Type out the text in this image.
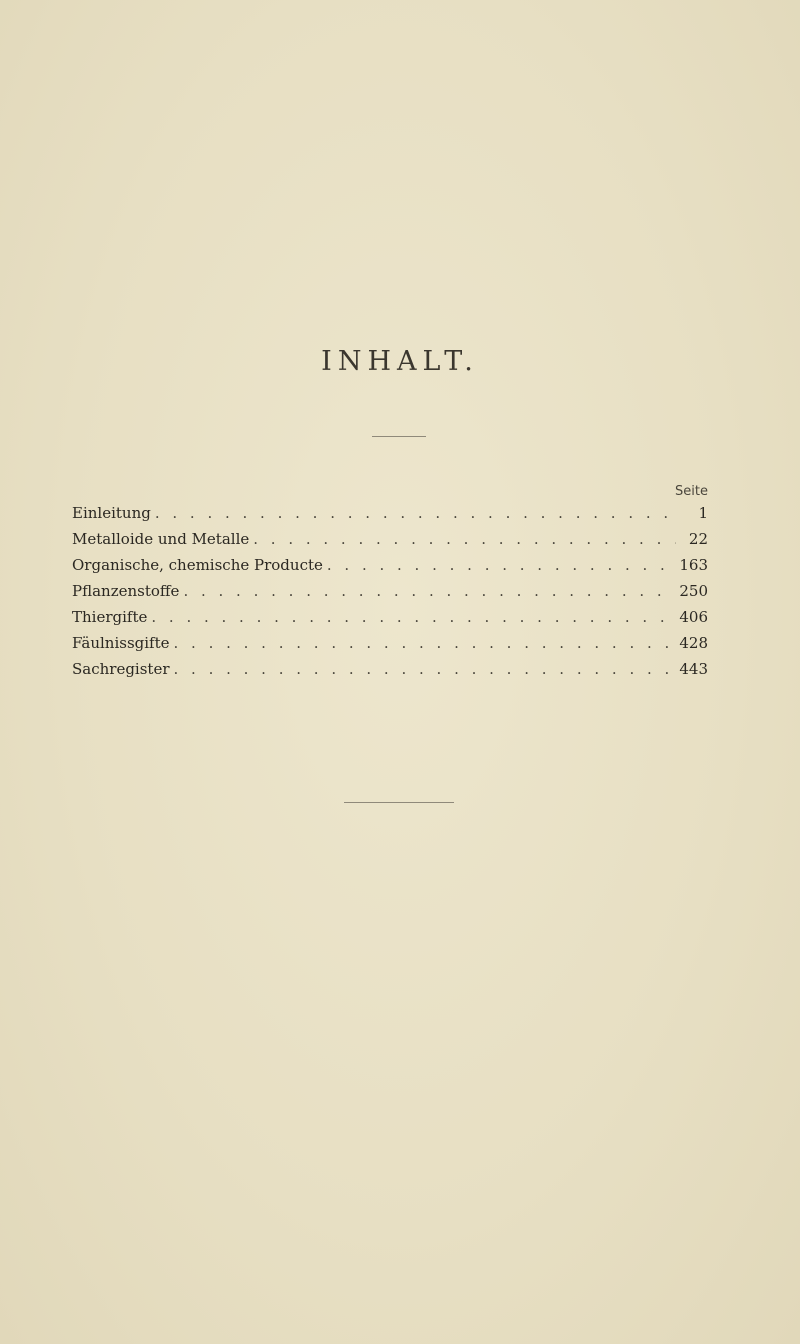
INHALT.
Seite
Einleitung . . .	1
Metalloide und Metalle . . .	22
Organische, chemische Producte . . .	163
Pflanzenstoffe . . .	250
Thiergifte . . .	406
Fäulnissgifte . . .	428
Sachregister . . .	443
